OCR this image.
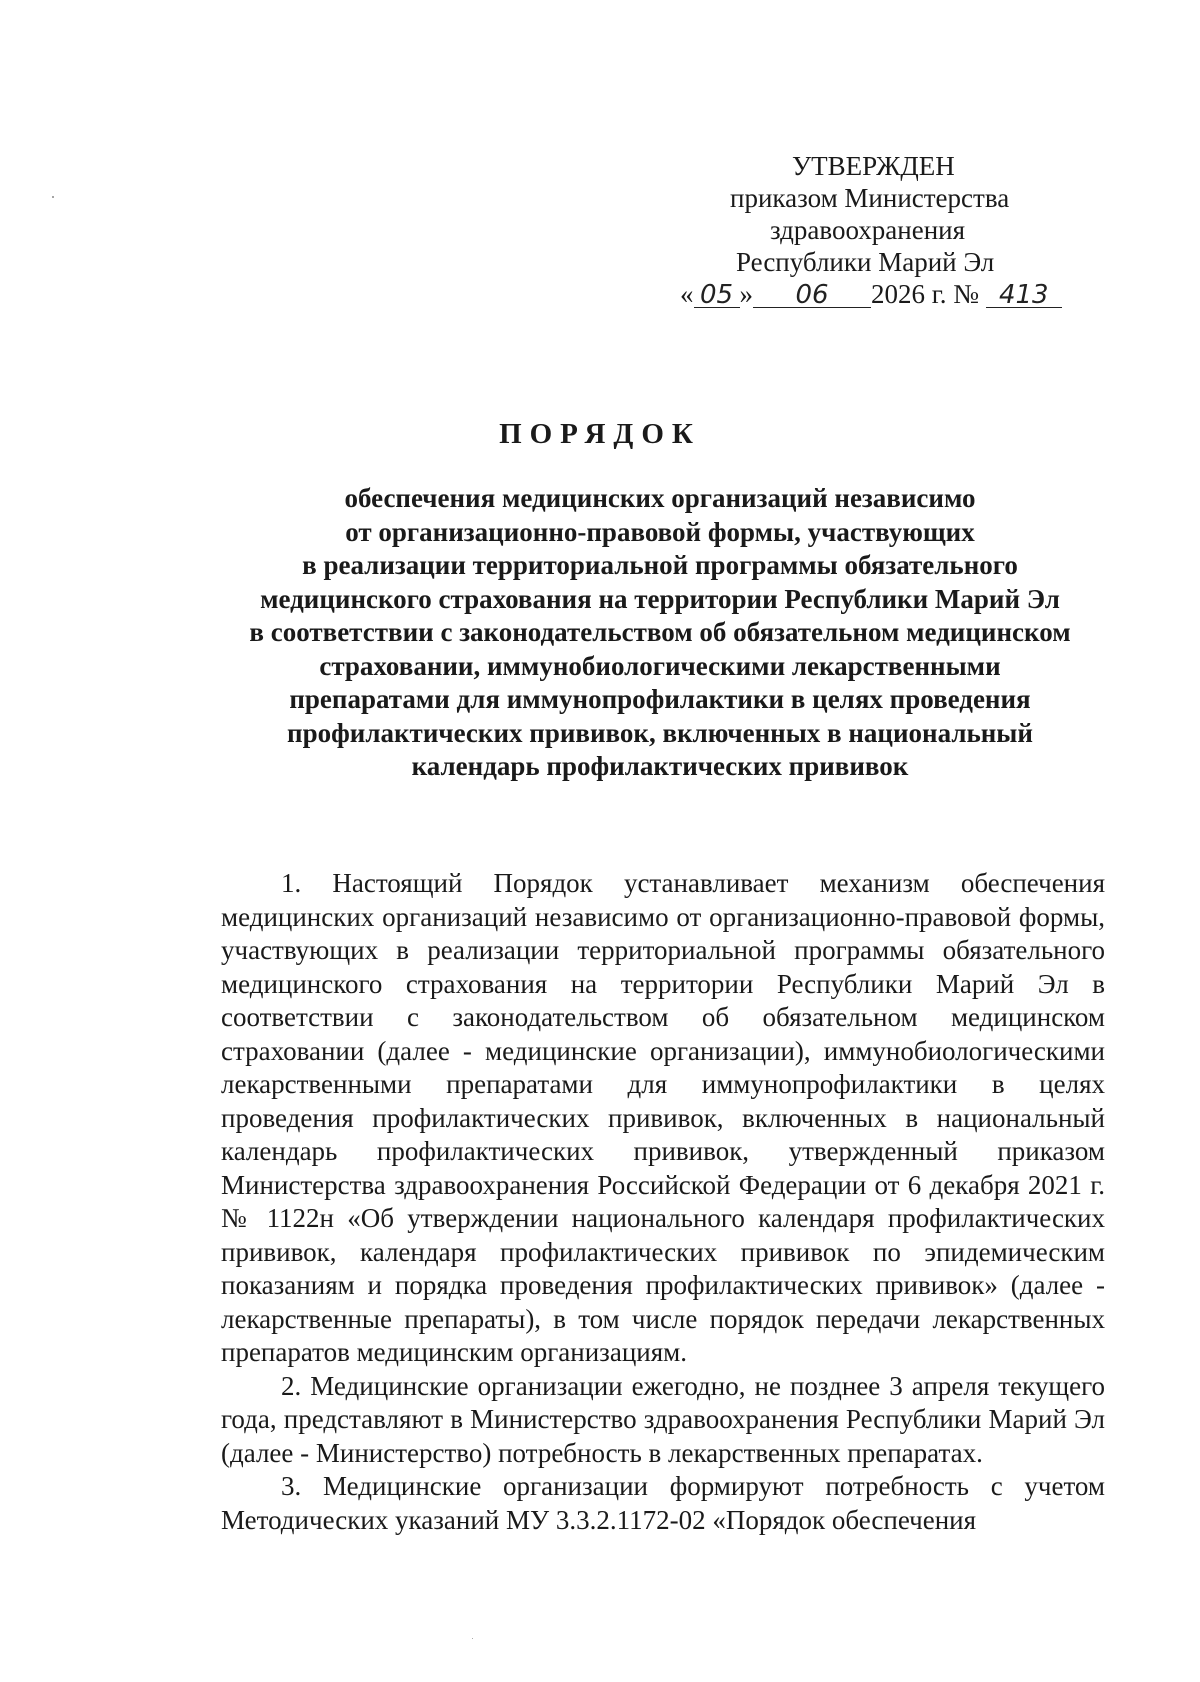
УТВЕРЖДЕН
приказом Министерства
здравоохранения
Республики Марий Эл
« 05 » 06 2026 г. № 413
ПОРЯДОК
обеспечения медицинских организаций независимо
от организационно-правовой формы, участвующих
в реализации территориальной программы обязательного
медицинского страхования на территории Республики Марий Эл
в соответствии с законодательством об обязательном медицинском
страховании, иммунобиологическими лекарственными
препаратами для иммунопрофилактики в целях проведения
профилактических прививок, включенных в национальный
календарь профилактических прививок

1. Настоящий Порядок устанавливает механизм обеспечения медицинских организаций независимо от организационно-правовой формы, участвующих в реализации территориальной программы обязательного медицинского страхования на территории Республики Марий Эл в соответствии с законодательством об обязательном медицинском страховании (далее - медицинские организации), иммунобиологическими лекарственными препаратами для иммунопрофилактики в целях проведения профилактических прививок, включенных в национальный календарь профилактических прививок, утвержденный приказом Министерства здравоохранения Российской Федерации от 6 декабря 2021 г. № 1122н «Об утверждении национального календаря профилактических прививок, календаря профилактических прививок по эпидемическим показаниям и порядка проведения профилактических прививок» (далее - лекарственные препараты), в том числе порядок передачи лекарственных препаратов медицинским организациям.

2. Медицинские организации ежегодно, не позднее 3 апреля текущего года, представляют в Министерство здравоохранения Республики Марий Эл (далее - Министерство) потребность в лекарственных препаратах.

3. Медицинские организации формируют потребность с учетом Методических указаний МУ 3.3.2.1172-02 «Порядок обеспечения
